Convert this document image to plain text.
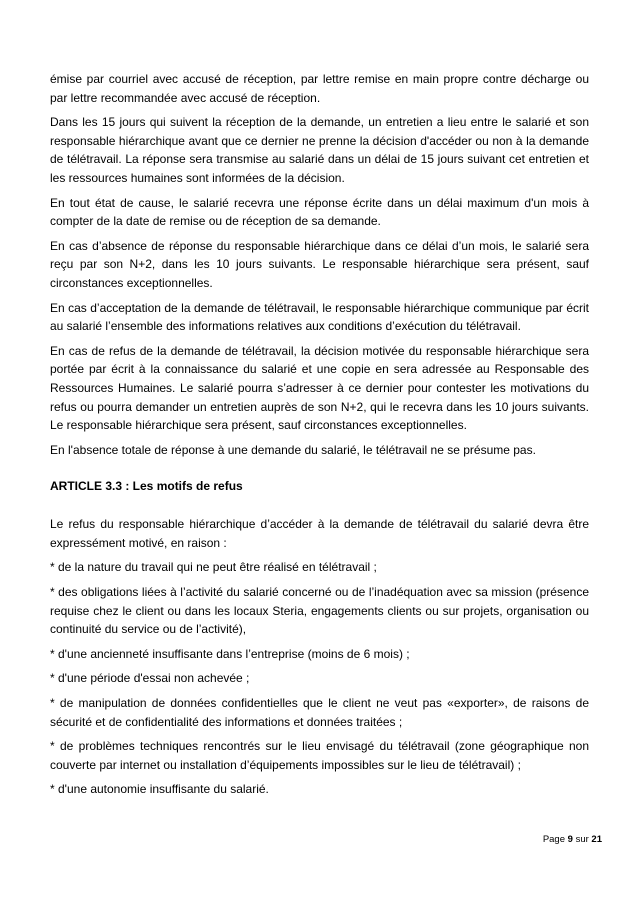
émise par courriel avec accusé de réception, par lettre remise en main propre contre décharge ou par lettre recommandée avec accusé de réception.

Dans les 15 jours qui suivent la réception de la demande, un entretien a lieu entre le salarié et son responsable hiérarchique avant que ce dernier ne prenne la décision d'accéder ou non à la demande de télétravail. La réponse sera transmise au salarié dans un délai de 15 jours suivant cet entretien et les ressources humaines sont informées de la décision.

En tout état de cause, le salarié recevra une réponse écrite dans un délai maximum d'un mois à compter de la date de remise ou de réception de sa demande.

En cas d’absence de réponse du responsable hiérarchique dans ce délai d’un mois, le salarié sera reçu par son N+2, dans les 10 jours suivants. Le responsable hiérarchique sera présent, sauf circonstances exceptionnelles.

En cas d’acceptation de la demande de télétravail, le responsable hiérarchique communique par écrit au salarié l’ensemble des informations relatives aux conditions d’exécution du télétravail.

En cas de refus de la demande de télétravail, la décision motivée du responsable hiérarchique sera portée par écrit à la connaissance du salarié et une copie en sera adressée au Responsable des Ressources Humaines. Le salarié pourra s’adresser à ce dernier pour contester les motivations du refus ou pourra demander un entretien auprès de son N+2, qui le recevra dans les 10 jours suivants. Le responsable hiérarchique sera présent, sauf circonstances exceptionnelles.

En l'absence totale de réponse à une demande du salarié, le télétravail ne se présume pas.

ARTICLE 3.3 : Les motifs de refus

Le refus du responsable hiérarchique d’accéder à la demande de télétravail du salarié devra être expressément motivé, en raison :

* de la nature du travail qui ne peut être réalisé en télétravail ;

* des obligations liées à l’activité du salarié concerné ou de l’inadéquation avec sa mission (présence requise chez le client ou dans les locaux Steria, engagements clients ou sur projets, organisation ou continuité du service ou de l’activité),

* d'une ancienneté insuffisante dans l’entreprise (moins de 6 mois) ;

* d'une période d'essai non achevée ;

* de manipulation de données confidentielles que le client ne veut pas «exporter», de raisons de sécurité et de confidentialité des informations et données traitées ;

* de problèmes techniques rencontrés sur le lieu envisagé du télétravail (zone géographique non couverte par internet ou installation d’équipements impossibles sur le lieu de télétravail) ;

* d'une autonomie insuffisante du salarié.

Page 9 sur 21
